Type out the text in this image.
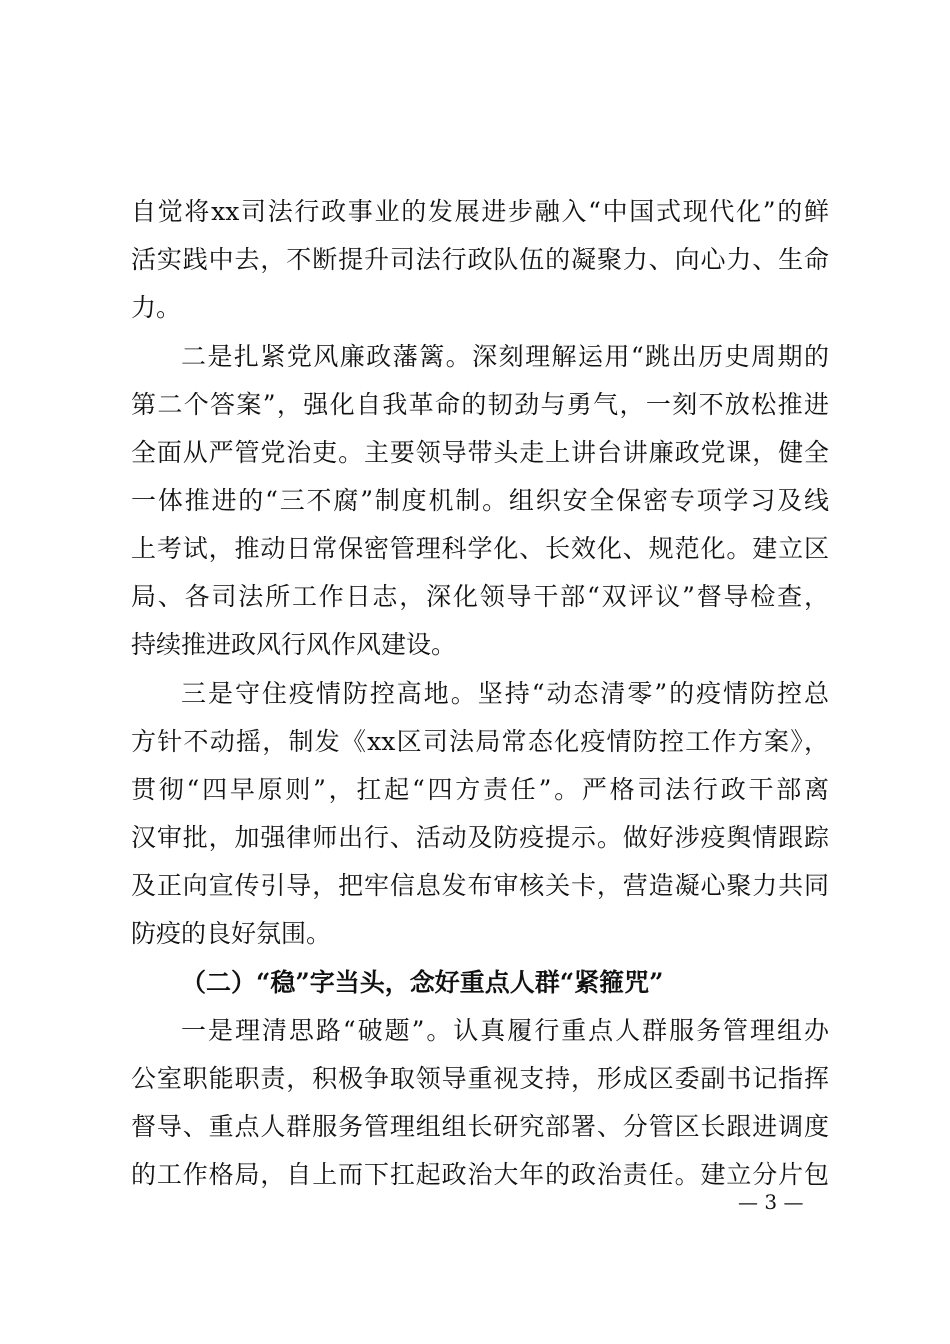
自觉将xx司法行政事业的发展进步融入“中国式现代化”的鲜
活实践中去，不断提升司法行政队伍的凝聚力、向心力、生命
力。
二是扎紧党风廉政藩篱。深刻理解运用“跳出历史周期的
第二个答案”，强化自我革命的韧劲与勇气，一刻不放松推进
全面从严管党治吏。主要领导带头走上讲台讲廉政党课，健全
一体推进的“三不腐”制度机制。组织安全保密专项学习及线
上考试，推动日常保密管理科学化、长效化、规范化。建立区
局、各司法所工作日志，深化领导干部“双评议”督导检查，
持续推进政风行风作风建设。
三是守住疫情防控高地。坚持“动态清零”的疫情防控总
方针不动摇，制发《xx区司法局常态化疫情防控工作方案》，
贯彻“四早原则”，扛起“四方责任”。严格司法行政干部离
汉审批，加强律师出行、活动及防疫提示。做好涉疫舆情跟踪
及正向宣传引导，把牢信息发布审核关卡，营造凝心聚力共同
防疫的良好氛围。
（二）“稳”字当头，念好重点人群“紧箍咒”
一是理清思路“破题”。认真履行重点人群服务管理组办
公室职能职责，积极争取领导重视支持，形成区委副书记指挥
督导、重点人群服务管理组组长研究部署、分管区长跟进调度
的工作格局，自上而下扛起政治大年的政治责任。建立分片包
— 3 —
